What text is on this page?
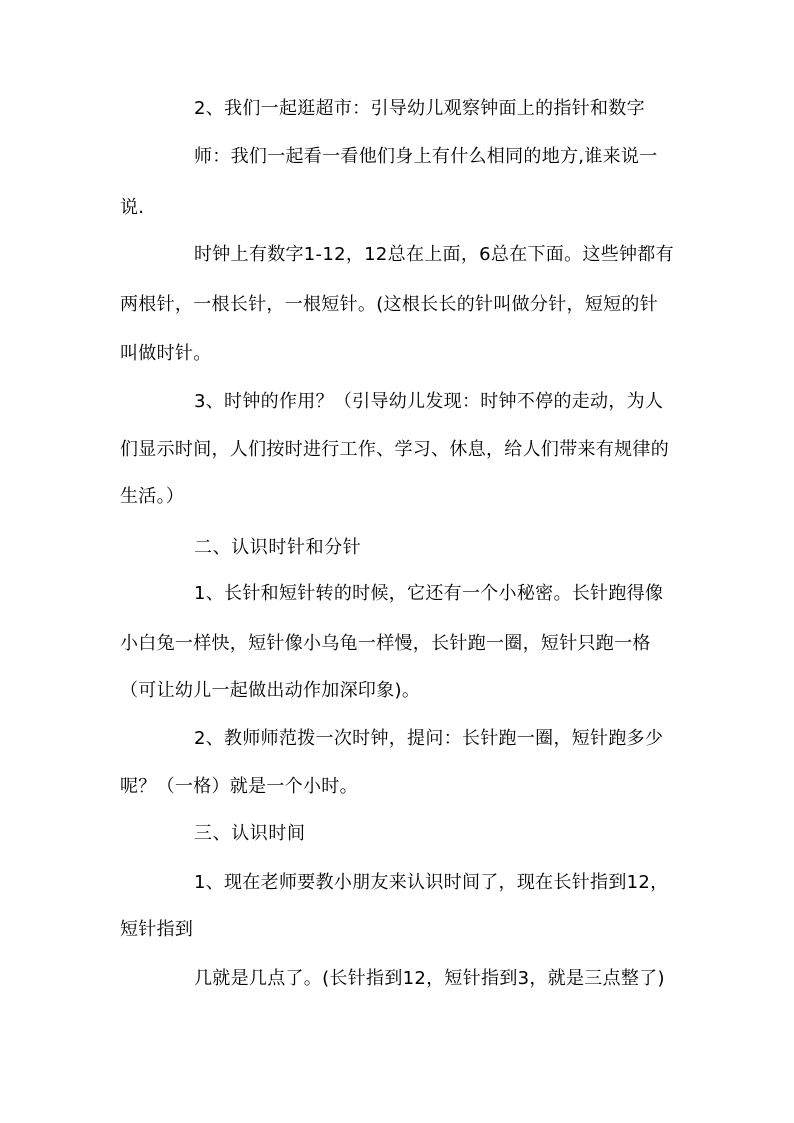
2、我们一起逛超市：引导幼儿观察钟面上的指针和数字
师：我们一起看一看他们身上有什么相同的地方,谁来说一
说.
时钟上有数字1-12，12总在上面，6总在下面。这些钟都有
两根针，一根长针，一根短针。(这根长长的针叫做分针，短短的针
叫做时针。
3、时钟的作用？（引导幼儿发现：时钟不停的走动，为人
们显示时间，人们按时进行工作、学习、休息，给人们带来有规律的
生活。）
二、认识时针和分针
1、长针和短针转的时候，它还有一个小秘密。长针跑得像
小白兔一样快，短针像小乌龟一样慢，长针跑一圈，短针只跑一格
（可让幼儿一起做出动作加深印象)。
2、教师师范拨一次时钟，提问：长针跑一圈，短针跑多少
呢？（一格）就是一个小时。
三、认识时间
1、现在老师要教小朋友来认识时间了，现在长针指到12，
短针指到
几就是几点了。(长针指到12，短针指到3，就是三点整了)
